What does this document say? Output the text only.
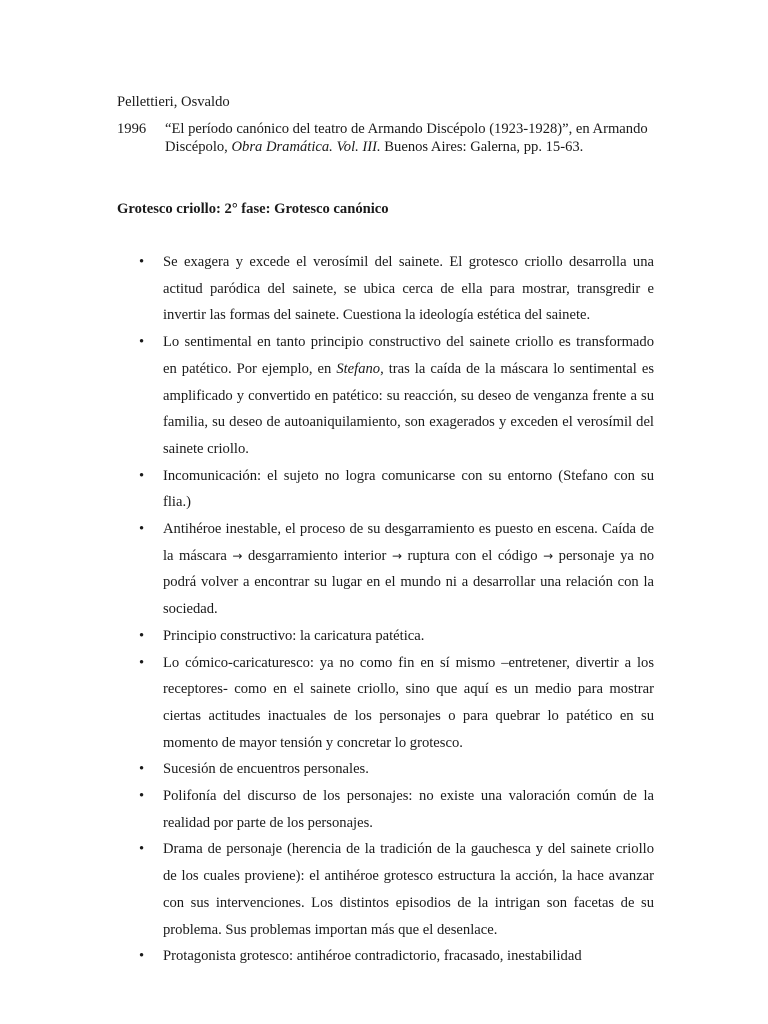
Pellettieri, Osvaldo
1996 “El período canónico del teatro de Armando Discépolo (1923-1928)”, en Armando Discépolo, Obra Dramática. Vol. III. Buenos Aires: Galerna, pp. 15-63.
Grotesco criollo: 2° fase: Grotesco canónico
• Se exagera y excede el verosímil del sainete. El grotesco criollo desarrolla una actitud paródica del sainete, se ubica cerca de ella para mostrar, transgredir e invertir las formas del sainete. Cuestiona la ideología estética del sainete.
• Lo sentimental en tanto principio constructivo del sainete criollo es transformado en patético. Por ejemplo, en Stefano, tras la caída de la máscara lo sentimental es amplificado y convertido en patético: su reacción, su deseo de venganza frente a su familia, su deseo de autoaniquilamiento, son exagerados y exceden el verosímil del sainete criollo.
• Incomunicación: el sujeto no logra comunicarse con su entorno (Stefano con su flia.)
• Antihéroe inestable, el proceso de su desgarramiento es puesto en escena. Caída de la máscara → desgarramiento interior → ruptura con el código → personaje ya no podrá volver a encontrar su lugar en el mundo ni a desarrollar una relación con la sociedad.
• Principio constructivo: la caricatura patética.
• Lo cómico-caricaturesco: ya no como fin en sí mismo –entretener, divertir a los receptores- como en el sainete criollo, sino que aquí es un medio para mostrar ciertas actitudes inactuales de los personajes o para quebrar lo patético en su momento de mayor tensión y concretar lo grotesco.
• Sucesión de encuentros personales.
• Polifonía del discurso de los personajes: no existe una valoración común de la realidad por parte de los personajes.
• Drama de personaje (herencia de la tradición de la gauchesca y del sainete criollo de los cuales proviene): el antihéroe grotesco estructura la acción, la hace avanzar con sus intervenciones. Los distintos episodios de la intrigan son facetas de su problema. Sus problemas importan más que el desenlace.
• Protagonista grotesco: antihéroe contradictorio, fracasado, inestabilidad
